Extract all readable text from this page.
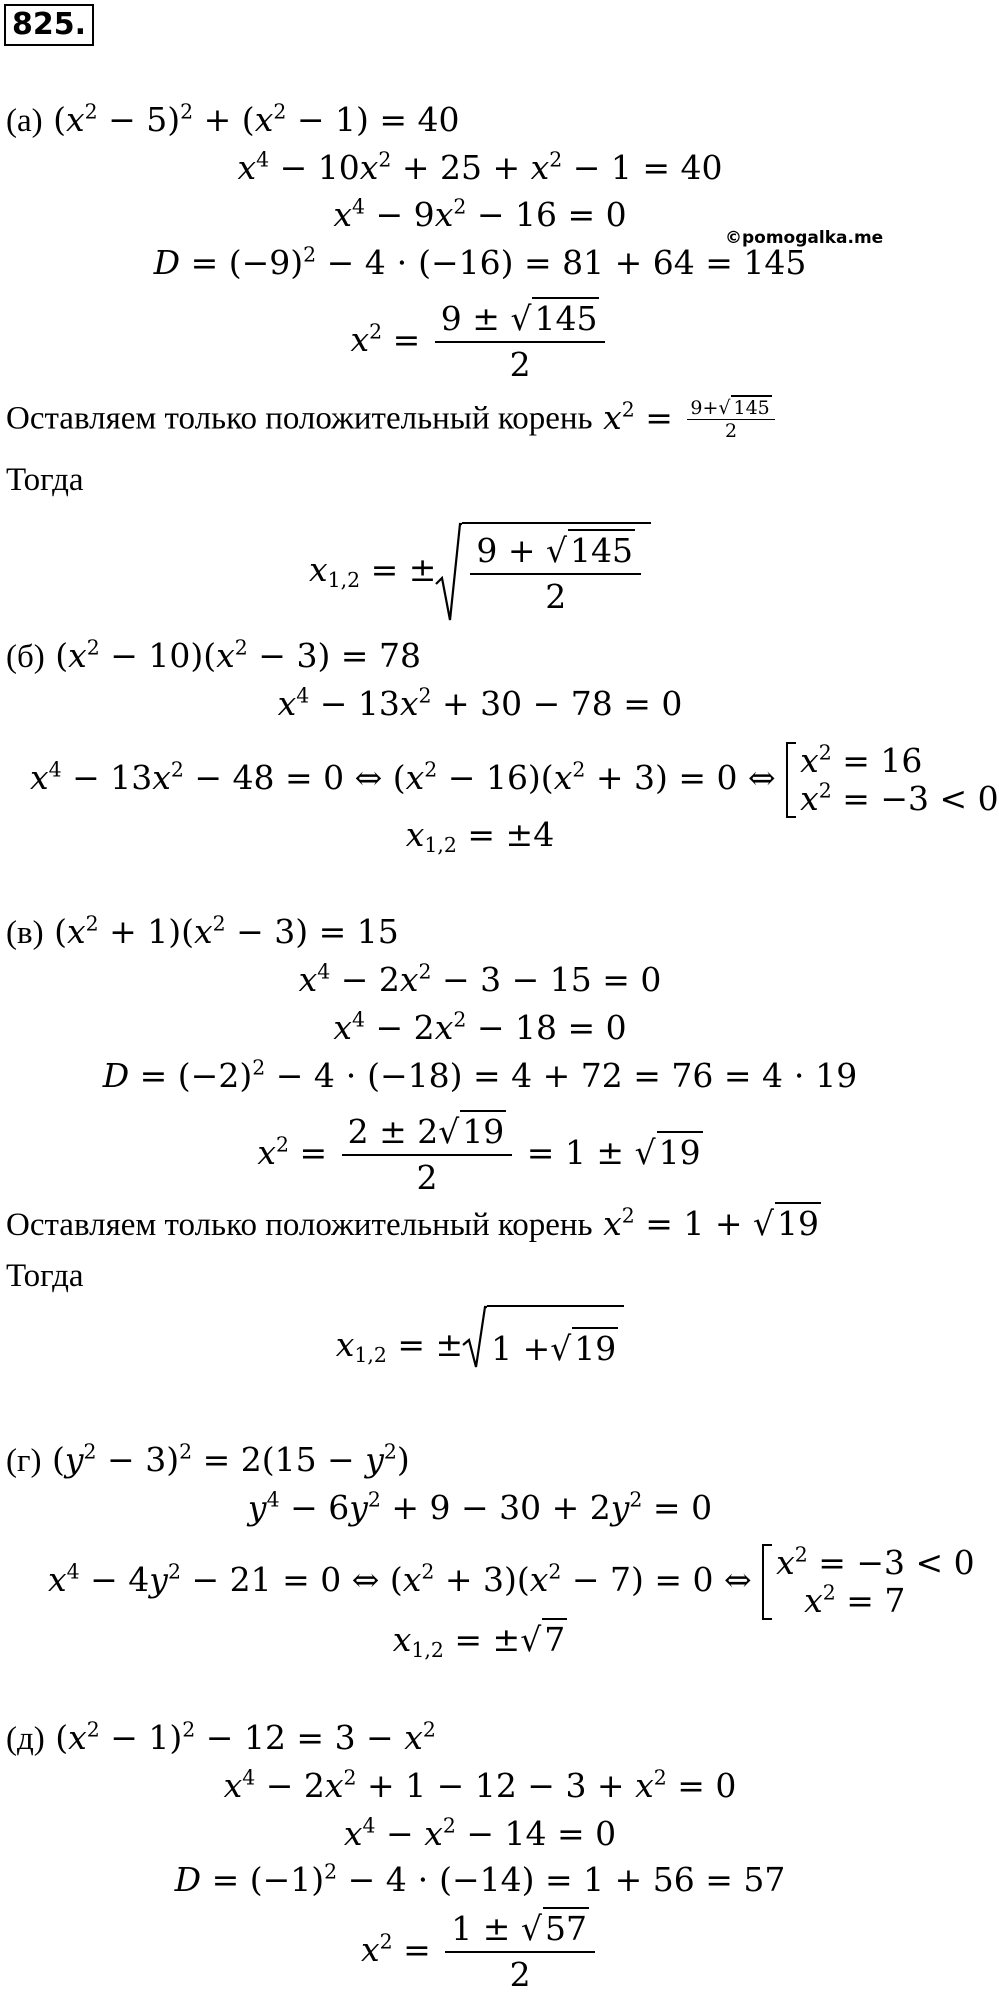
825.
©pomogalka.me
(а) $(x^2 - 5)^2 + (x^2 - 1) = 40$
$x^4 - 10x^2 + 25 + x^2 - 1 = 40$
$x^4 - 9x^2 - 16 = 0$
$D = (-9)^2 - 4 \cdot (-16) = 81 + 64 = 145$
$x^2 = \frac{9 \pm √145}{2}$
Оставляем только положительный корень $x^2 = \frac{9+√ 145}{2}$
Тогда
$x_{1,2}$ = ± $\frac{9 + √145}{2}$
(б) $(x^2 - 10)(x^2 - 3) = 78$
$x^4 - 13x^2 + 30 - 78 = 0$
$x^4 - 13x^2 - 48 = 0$ ⇔ $(x^2 - 16)(x^2 + 3) = 0$ ⇔ $x^2 = 16$
$x^2 = -3 < 0$
$x_{1,2} = \pm 4$
(в) $(x^2 + 1)(x^2 - 3) = 15$
$x^4 - 2x^2 - 3 - 15 = 0$
$x^4 - 2x^2 - 18 = 0$
$D = (-2)^2 - 4 \cdot (-18) = 4 + 72 = 76 = 4 \cdot 19$
$x^2 = \frac{2 \pm 2√19}{2} = 1 \pm √19$
Оставляем только положительный корень $x^2 = 1 + √19$
Тогда
$x_{1,2}$ = ± 1 + √19
(г) $(y^2 - 3)^2 = 2(15 - y^2)$
$y^4 - 6y^2 + 9 - 30 + 2y^2 = 0$
$x^4 - 4y^2 - 21 = 0$ ⇔ $(x^2 + 3)(x^2 - 7) = 0$ ⇔ $x^2 = -3 < 0$
$x^2 = 7$
$x_{1,2} = \pm√7$
(д) $(x^2 - 1)^2 - 12 = 3 - x^2$
$x^4 - 2x^2 + 1 - 12 - 3 + x^2 = 0$
$x^4 - x^2 - 14 = 0$
$D = (-1)^2 - 4 \cdot (-14) = 1 + 56 = 57$
$x^2 = \frac{1 \pm √57}{2}$
